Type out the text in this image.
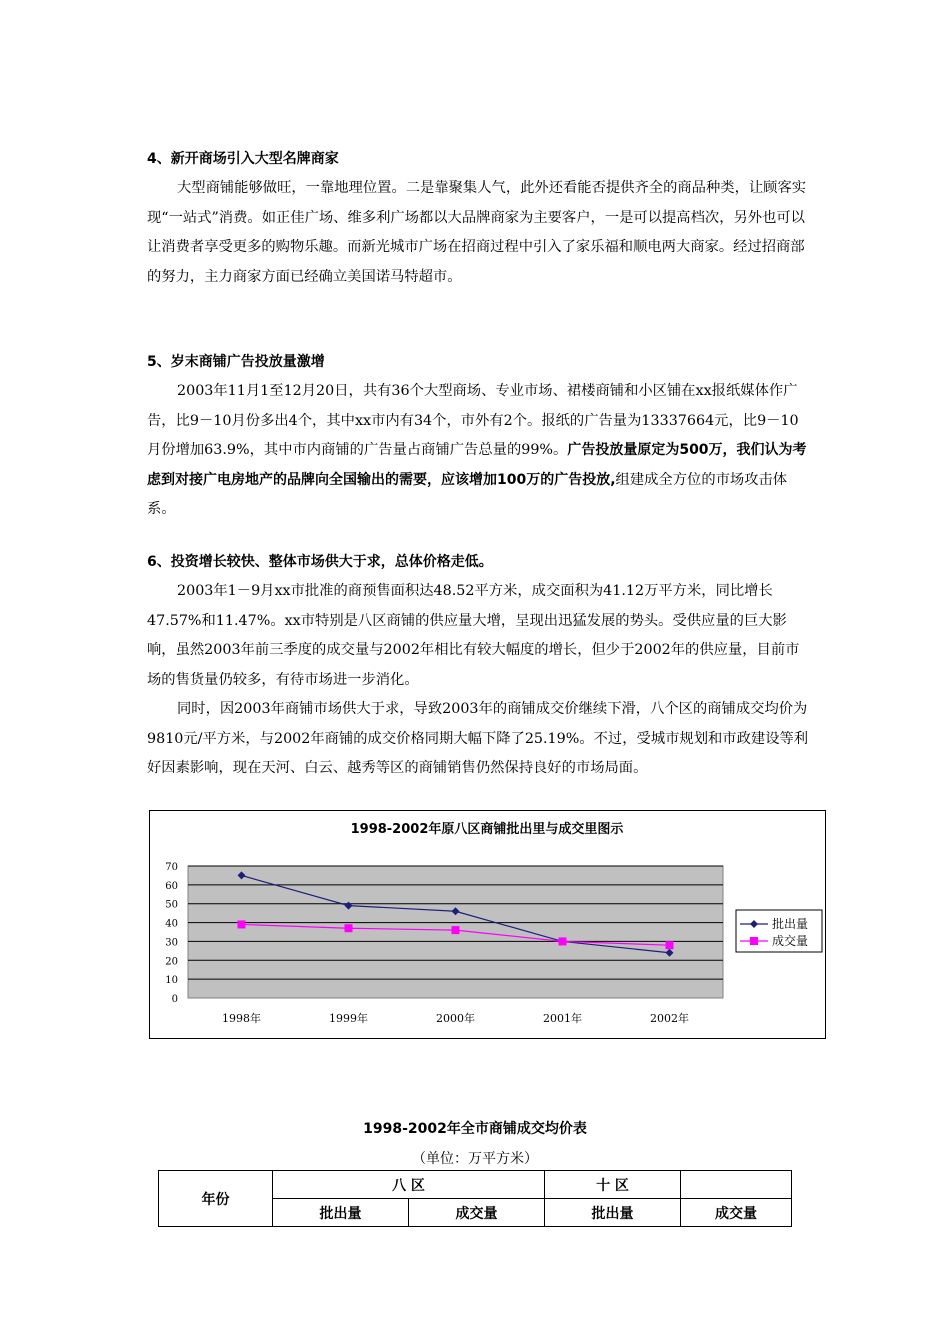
4、新开商场引入大型名牌商家

大型商铺能够做旺，一靠地理位置。二是靠聚集人气，此外还看能否提供齐全的商品种类，让顾客实现“一站式”消费。如正佳广场、维多利广场都以大品牌商家为主要客户，一是可以提高档次，另外也可以让消费者享受更多的购物乐趣。而新光城市广场在招商过程中引入了家乐福和顺电两大商家。经过招商部的努力，主力商家方面已经确立美国诺马特超市。

5、岁末商铺广告投放量激增

2003年11月1至12月20日，共有36个大型商场、专业市场、裙楼商铺和小区铺在xx报纸媒体作广告，比9－10月份多出4个，其中xx市内有34个，市外有2个。报纸的广告量为13337664元，比9－10月份增加63.9%，其中市内商铺的广告量占商铺广告总量的99%。广告投放量原定为500万，我们认为考虑到对接广电房地产的品牌向全国输出的需要，应该增加100万的广告投放,组建成全方位的市场攻击体系。

6、投资增长较快、整体市场供大于求，总体价格走低。

2003年1－9月xx市批准的商预售面积达48.52平方米，成交面积为41.12万平方米，同比增长47.57%和11.47%。xx市特别是八区商铺的供应量大增，呈现出迅猛发展的势头。受供应量的巨大影响，虽然2003年前三季度的成交量与2002年相比有较大幅度的增长，但少于2002年的供应量，目前市场的售货量仍较多，有待市场进一步消化。

同时，因2003年商铺市场供大于求，导致2003年的商铺成交价继续下滑，八个区的商铺成交均价为9810元/平方米，与2002年商铺的成交价格同期大幅下降了25.19%。不过，受城市规划和市政建设等利好因素影响，现在天河、白云、越秀等区的商铺销售仍然保持良好的市场局面。

1998-2002年原八区商铺批出里与成交里图示
0
10
20
30
40
50
60
70
1998年	1999年	2000年	2001年	2002年
批出量
成交量
1998-2002年全市商铺成交均价表
（单位：万平方米）
年份	八 区		十 区	
	批出量	成交量	批出量	成交量
